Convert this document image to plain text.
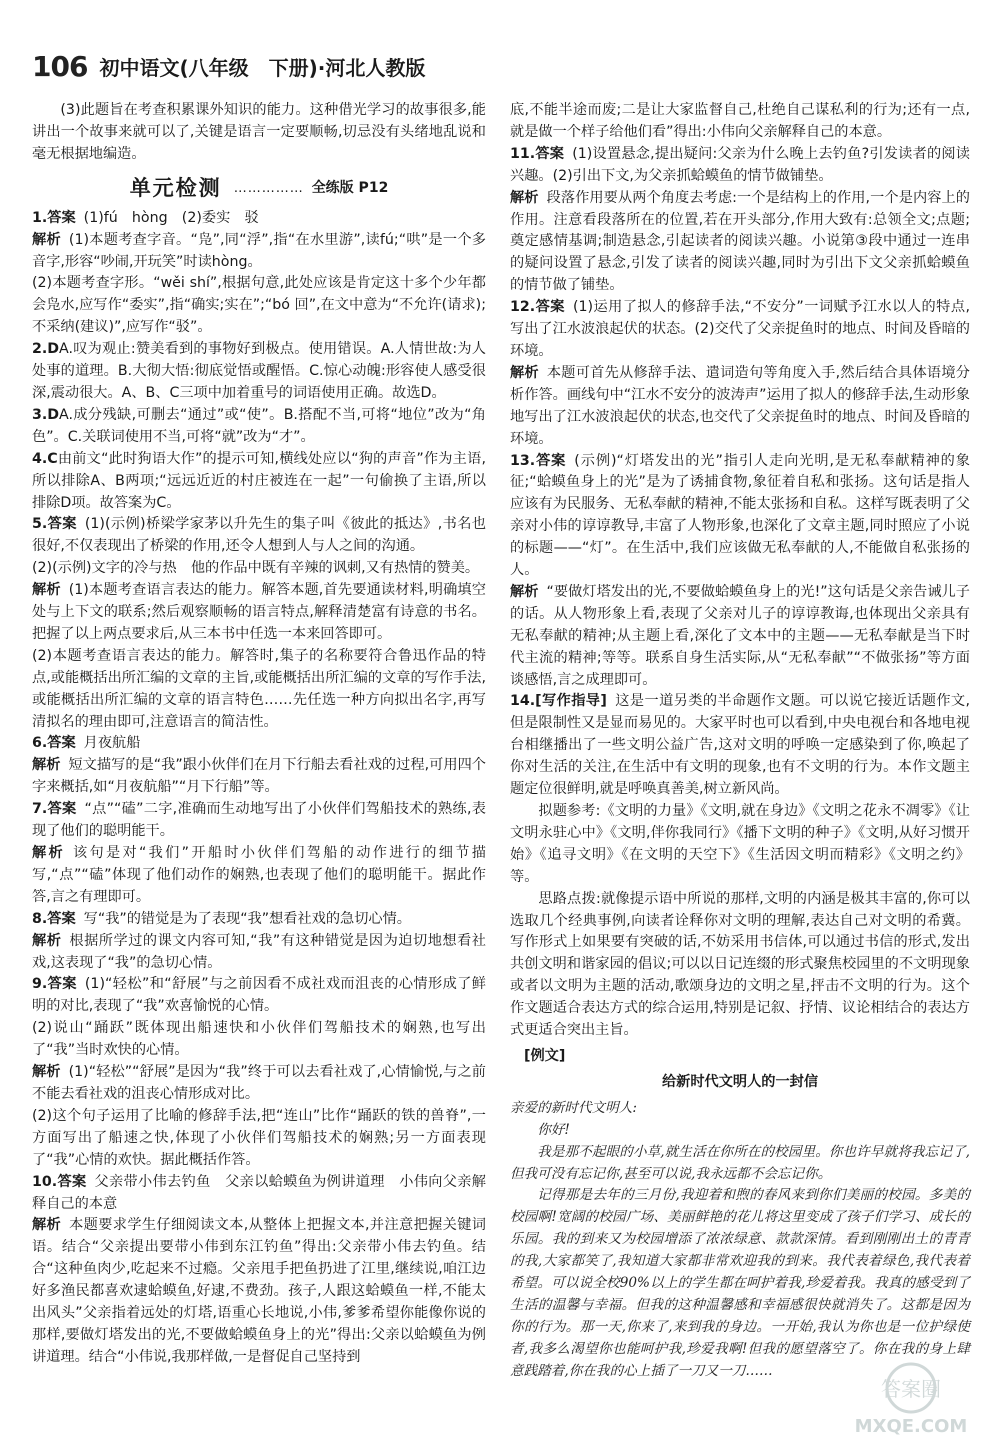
106 初中语文(八年级　下册)·河北人教版

(3)此题旨在考查积累课外知识的能力。这种借光学习的故事很多,能讲出一个故事来就可以了,关键是语言一定要顺畅,切忌没有头绪地乱说和毫无根据地编造。

单元检测 …………… 全练版 P12

1.答案 (1)fú　hòng　(2)委实　驳

解析 (1)本题考查字音。“凫”,同“浮”,指“在水里游”,读fú;“哄”是一个多音字,形容“吵闹,开玩笑”时读hòng。

(2)本题考查字形。“wěi shí”,根据句意,此处应该是肯定这十多个少年都会凫水,应写作“委实”,指“确实;实在”;“bó 回”,在文中意为“不允许(请求);不采纳(建议)”,应写作“驳”。

2.DA.叹为观止:赞美看到的事物好到极点。使用错误。A.人情世故:为人处事的道理。B.大彻大悟:彻底觉悟或醒悟。C.惊心动魄:形容使人感受很深,震动很大。A、B、C三项中加着重号的词语使用正确。故选D。

3.DA.成分残缺,可删去“通过”或“使”。B.搭配不当,可将“地位”改为“角色”。C.关联词使用不当,可将“就”改为“才”。

4.C由前文“此时狗语大作”的提示可知,横线处应以“狗的声音”作为主语,所以排除A、B两项;“远远近近的村庄被连在一起”一句偷换了主语,所以排除D项。故答案为C。

5.答案 (1)(示例)桥梁学家茅以升先生的集子叫《彼此的抵达》,书名也很好,不仅表现出了桥梁的作用,还令人想到人与人之间的沟通。

(2)(示例)文字的冷与热　他的作品中既有辛辣的讽刺,又有热情的赞美。

解析 (1)本题考查语言表达的能力。解答本题,首先要通读材料,明确填空处与上下文的联系;然后观察顺畅的语言特点,解释清楚富有诗意的书名。把握了以上两点要求后,从三本书中任选一本来回答即可。

(2)本题考查语言表达的能力。解答时,集子的名称要符合鲁迅作品的特点,或能概括出所汇编的文章的主旨,或能概括出所汇编的文章的写作手法,或能概括出所汇编的文章的语言特色……先任选一种方向拟出名字,再写清拟名的理由即可,注意语言的简洁性。

6.答案 月夜航船

解析 短文描写的是“我”跟小伙伴们在月下行船去看社戏的过程,可用四个字来概括,如“月夜航船”“月下行船”等。

7.答案 “点”“磕”二字,准确而生动地写出了小伙伴们驾船技术的熟练,表现了他们的聪明能干。

解析 该句是对“我们”开船时小伙伴们驾船的动作进行的细节描写,“点”“磕”体现了他们动作的娴熟,也表现了他们的聪明能干。据此作答,言之有理即可。

8.答案 写“我”的错觉是为了表现“我”想看社戏的急切心情。

解析 根据所学过的课文内容可知,“我”有这种错觉是因为迫切地想看社戏,这表现了“我”的急切心情。

9.答案 (1)“轻松”和“舒展”与之前因看不成社戏而沮丧的心情形成了鲜明的对比,表现了“我”欢喜愉悦的心情。

(2)说山“踊跃”既体现出船速快和小伙伴们驾船技术的娴熟,也写出了“我”当时欢快的心情。

解析 (1)“轻松”“舒展”是因为“我”终于可以去看社戏了,心情愉悦,与之前不能去看社戏的沮丧心情形成对比。

(2)这个句子运用了比喻的修辞手法,把“连山”比作“踊跃的铁的兽脊”,一方面写出了船速之快,体现了小伙伴们驾船技术的娴熟;另一方面表现了“我”心情的欢快。据此概括作答。

10.答案 父亲带小伟去钓鱼　父亲以蛤蟆鱼为例讲道理　小伟向父亲解释自己的本意

解析 本题要求学生仔细阅读文本,从整体上把握文本,并注意把握关键词语。结合“父亲提出要带小伟到东江钓鱼”得出:父亲带小伟去钓鱼。结合“这种鱼肉少,吃起来不过瘾。父亲甩手把鱼扔进了江里,继续说,咱江边好多渔民都喜欢逮蛤蟆鱼,好逮,不费劲。孩子,人跟这蛤蟆鱼一样,不能太出风头”父亲指着远处的灯塔,语重心长地说,小伟,爹爹希望你能像你说的那样,要做灯塔发出的光,不要做蛤蟆鱼身上的光”得出:父亲以蛤蟆鱼为例讲道理。结合“小伟说,我那样做,一是督促自己坚持到

底,不能半途而废;二是让大家监督自己,杜绝自己谋私利的行为;还有一点,就是做一个样子给他们看”得出:小伟向父亲解释自己的本意。

11.答案 (1)设置悬念,提出疑问:父亲为什么晚上去钓鱼?引发读者的阅读兴趣。(2)引出下文,为父亲抓蛤蟆鱼的情节做铺垫。

解析 段落作用要从两个角度去考虑:一个是结构上的作用,一个是内容上的作用。注意看段落所在的位置,若在开头部分,作用大致有:总领全文;点题;奠定感情基调;制造悬念,引起读者的阅读兴趣。小说第③段中通过一连串的疑问设置了悬念,引发了读者的阅读兴趣,同时为引出下文父亲抓蛤蟆鱼的情节做了铺垫。

12.答案 (1)运用了拟人的修辞手法,“不安分”一词赋予江水以人的特点,写出了江水波浪起伏的状态。(2)交代了父亲捉鱼时的地点、时间及昏暗的环境。

解析 本题可首先从修辞手法、遣词造句等角度入手,然后结合具体语境分析作答。画线句中“江水不安分的波涛声”运用了拟人的修辞手法,生动形象地写出了江水波浪起伏的状态,也交代了父亲捉鱼时的地点、时间及昏暗的环境。

13.答案 (示例)“灯塔发出的光”指引人走向光明,是无私奉献精神的象征;“蛤蟆鱼身上的光”是为了诱捕食物,象征着自私和张扬。这句话是指人应该有为民服务、无私奉献的精神,不能太张扬和自私。这样写既表明了父亲对小伟的谆谆教导,丰富了人物形象,也深化了文章主题,同时照应了小说的标题——“灯”。在生活中,我们应该做无私奉献的人,不能做自私张扬的人。

解析 “要做灯塔发出的光,不要做蛤蟆鱼身上的光!”这句话是父亲告诫儿子的话。从人物形象上看,表现了父亲对儿子的谆谆教诲,也体现出父亲具有无私奉献的精神;从主题上看,深化了文本中的主题——无私奉献是当下时代主流的精神;等等。联系自身生活实际,从“无私奉献”“不做张扬”等方面谈感悟,言之成理即可。

14.[写作指导] 这是一道另类的半命题作文题。可以说它接近话题作文,但是限制性又是显而易见的。大家平时也可以看到,中央电视台和各地电视台相继播出了一些文明公益广告,这对文明的呼唤一定感染到了你,唤起了你对生活的关注,在生活中有文明的现象,也有不文明的行为。本作文题主题定位很鲜明,就是呼唤真善美,树立新风尚。

拟题参考:《文明的力量》《文明,就在身边》《文明之花永不凋零》《让文明永驻心中》《文明,伴你我同行》《播下文明的种子》《文明,从好习惯开始》《追寻文明》《在文明的天空下》《生活因文明而精彩》《文明之约》等。

思路点拨:就像提示语中所说的那样,文明的内涵是极其丰富的,你可以选取几个经典事例,向读者诠释你对文明的理解,表达自己对文明的希冀。写作形式上如果要有突破的话,不妨采用书信体,可以通过书信的形式,发出共创文明和谐家园的倡议;可以以日记连缀的形式聚焦校园里的不文明现象或者以文明为主题的活动,歌颂身边的文明之星,抨击不文明的行为。这个作文题适合表达方式的综合运用,特别是记叙、抒情、议论相结合的表达方式更适合突出主旨。

[例文]
给新时代文明人的一封信

亲爱的新时代文明人:

你好!

我是那不起眼的小草,就生活在你所在的校园里。你也许早就将我忘记了,但我可没有忘记你,甚至可以说,我永远都不会忘记你。

记得那是去年的三月份,我迎着和煦的春风来到你们美丽的校园。多美的校园啊!宽阔的校园广场、美丽鲜艳的花儿将这里变成了孩子们学习、成长的乐园。我的到来又为校园增添了浓浓绿意、款款深情。看到刚刚出土的青青的我,大家都笑了,我知道大家都非常欢迎我的到来。我代表着绿色,我代表着希望。可以说全校90%以上的学生都在呵护着我,珍爱着我。我真的感受到了生活的温馨与幸福。但我的这种温馨感和幸福感很快就消失了。这都是因为你的行为。那一天,你来了,来到我的身边。一开始,我认为你也是一位护绿使者,我多么渴望你也能呵护我,珍爱我啊!但我的愿望落空了。你在我的身上肆意践踏着,你在我的心上插了一刀又一刀……

答案圈
MXQE.COM
